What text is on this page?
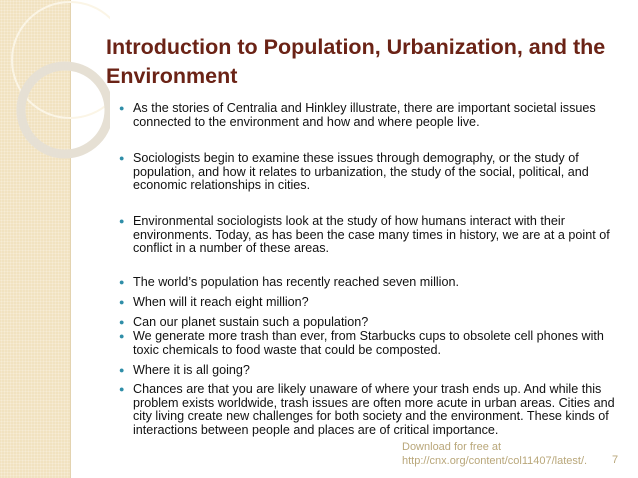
Introduction to Population, Urbanization, and the Environment
● As the stories of Centralia and Hinkley illustrate, there are important societal issues connected to the environment and how and where people live.
● Sociologists begin to examine these issues through demography, or the study of population, and how it relates to urbanization, the study of the social, political, and economic relationships in cities.
● Environmental sociologists look at the study of how humans interact with their environments. Today, as has been the case many times in history, we are at a point of conflict in a number of these areas.
● The world’s population has recently reached seven million.
● When will it reach eight million?
● Can our planet sustain such a population?
● We generate more trash than ever, from Starbucks cups to obsolete cell phones with toxic chemicals to food waste that could be composted.
● Where it is all going?
● Chances are that you are likely unaware of where your trash ends up. And while this problem exists worldwide, trash issues are often more acute in urban areas. Cities and city living create new challenges for both society and the environment. These kinds of interactions between people and places are of critical importance.
Download for free at
http://cnx.org/content/col11407/latest/. 7
